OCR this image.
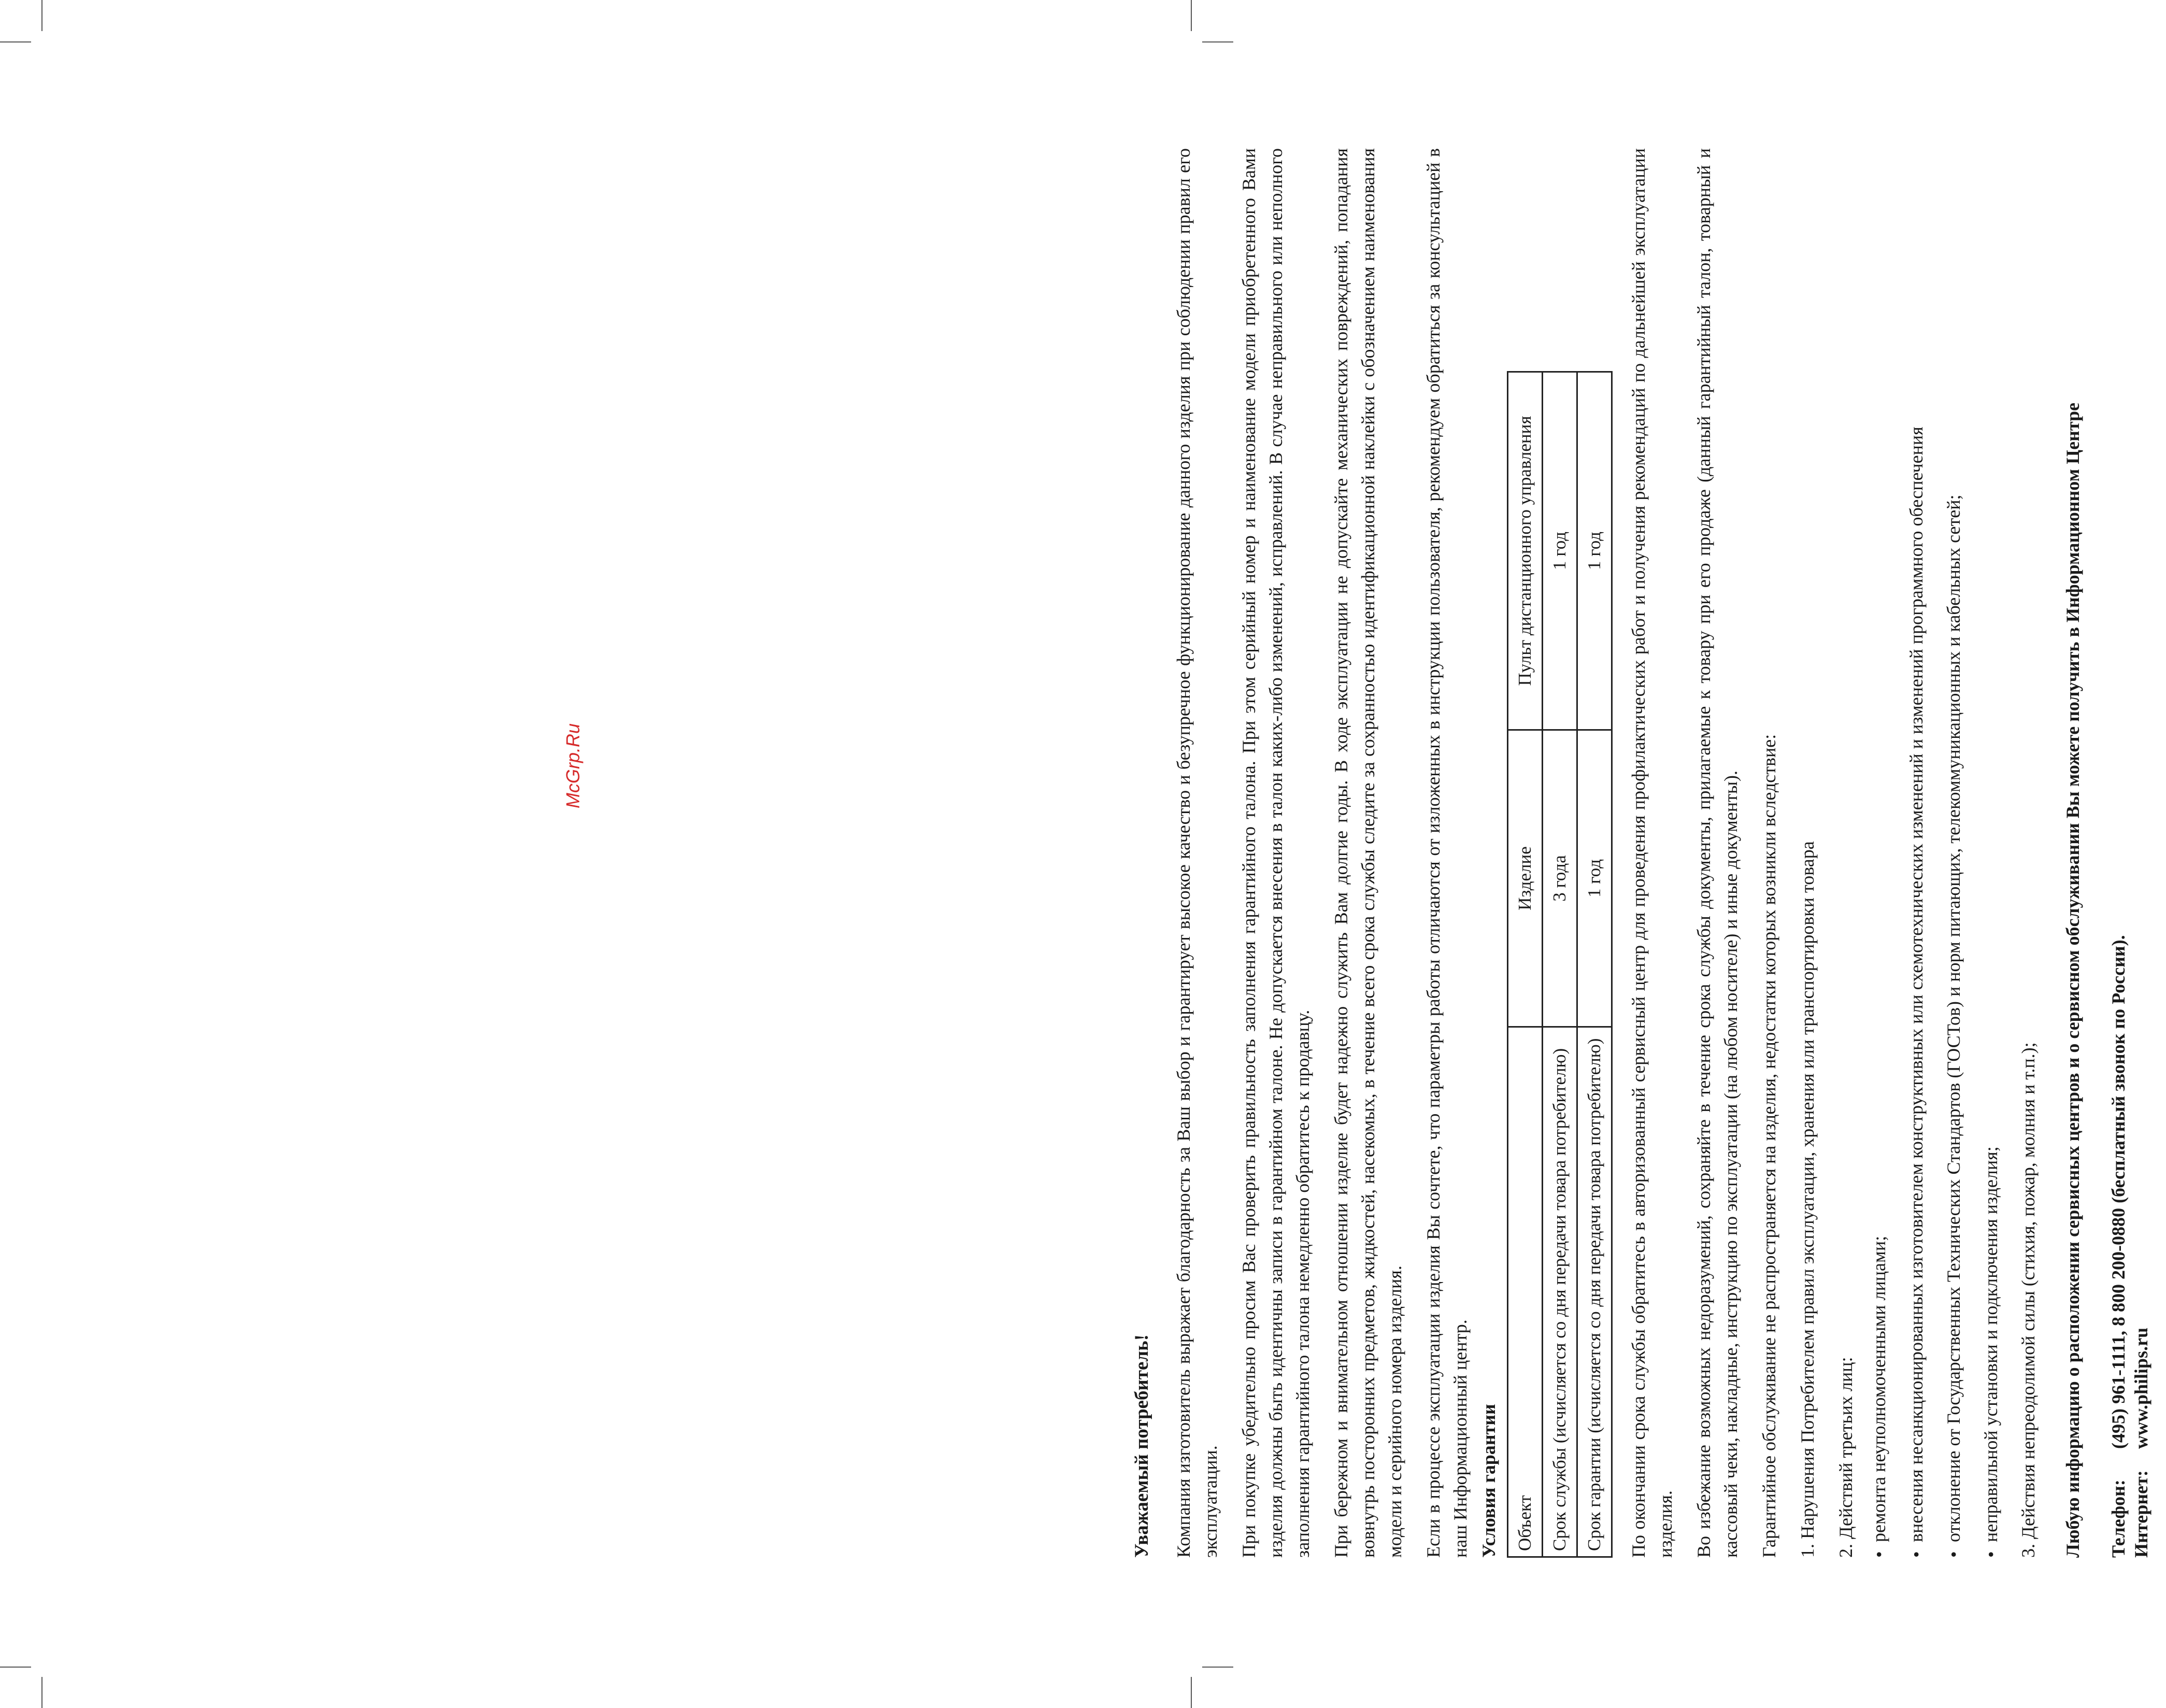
Уважаемый потребитель! Компания изготовитель выражает благодарность за Ваш выбор и гарантирует высокое качество и безупречное функционирование данного изделия при соблюдении правил его эксплуатации. При покупке убедительно просим Вас проверить правильность заполнения гарантийного талона. При этом серийный номер и наименование модели приобретенного Вами изделия должны быть идентичны записи в гарантийном талоне. Не допускается внесения в талон каких-либо изменений, исправлений. В случае неправильного или неполного заполнения гарантийного талона немедленно обратитесь к продавцу. При бережном и внимательном отношении изделие будет надежно служить Вам долгие годы. В ходе эксплуатации не допускайте механических повреждений, попадания вовнутрь посторонних предметов, жидкостей, насекомых, в течение всего срока службы следите за сохранностью идентификационной наклейки с обозначением наименования модели и серийного номера изделия. Если в процессе эксплуатации изделия Вы сочтете, что параметры работы отличаются от изложенных в инструкции пользователя, рекомендуем обратиться за консультацией в наш Информационный центр. Условия гарантии Объект	Изделие	Пульт дистанционного управления
Срок службы (исчисляется со дня передачи товара потребителю)	3 года	1 год
Срок гарантии (исчисляется со дня передачи товара потребителю)	1 год	1 год По окончании срока службы обратитесь в авторизованный сервисный центр для проведения профилактических работ и получения рекомендаций по дальнейшей эксплуатации изделия. Во избежание возможных недоразумений, сохраняйте в течение срока службы документы, прилагаемые к товару при его продаже (данный гарантийный талон, товарный и кассовый чеки, накладные, инструкцию по эксплуатации (на любом носителе) и иные документы). Гарантийное обслуживание не распространяется на изделия, недостатки которых возникли вследствие: 1. Нарушения Потребителем правил эксплуатации, хранения или транспортировки товара 2. Действий третьих лиц: • ремонта неуполномоченными лицами; • внесения несанкционированных изготовителем конструктивных или схемотехнических изменений и изменений программного обеспечения • отклонение от Государственных Технических Стандартов (ГОСТов) и норм питающих, телекоммуникационных и кабельных сетей; • неправильной установки и подключения изделия; 3. Действия непреодолимой силы (стихия, пожар, молния и т.п.); Любую информацию о расположении сервисных центров и о сервисном обслуживании Вы можете получить в Информационном Центре Телефон:(495) 961-1111, 8 800 200-0880 (бесплатный звонок по России).
Интернет:www.philips.ru
McGrp.Ru
